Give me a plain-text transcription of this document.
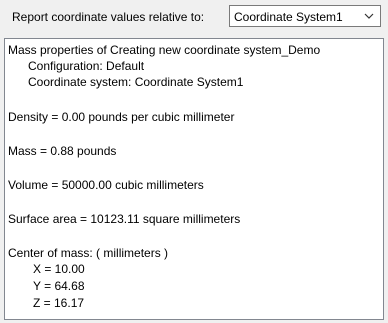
Report coordinate values relative to: Coordinate System1
Mass properties of Creating new coordinate system_Demo
Configuration: Default
Coordinate system: Coordinate System1
Density = 0.00 pounds per cubic millimeter
Mass = 0.88 pounds
Volume = 50000.00 cubic millimeters
Surface area = 10123.11 square millimeters
Center of mass: ( millimeters )
X = 10.00
Y = 64.68
Z = 16.17
